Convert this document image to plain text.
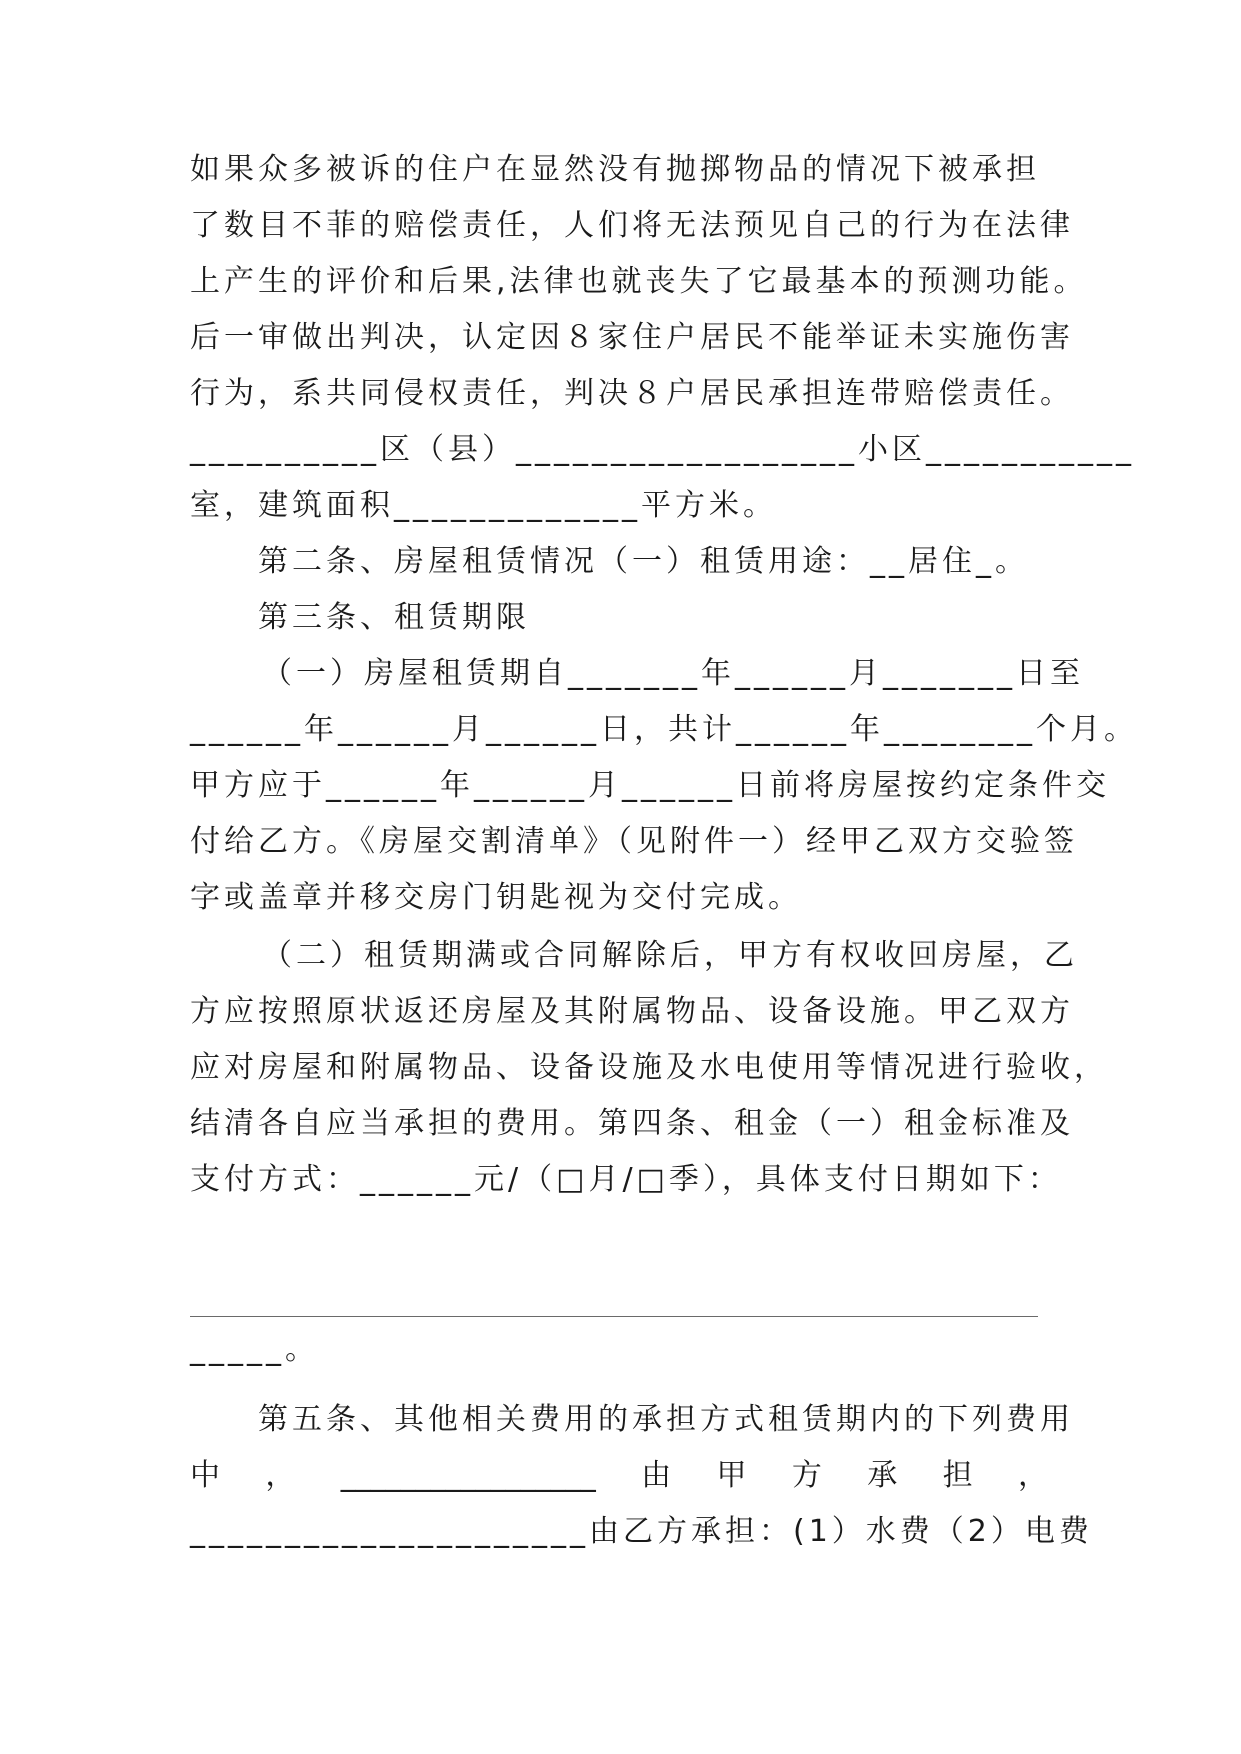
如果众多被诉的住户在显然没有抛掷物品的情况下被承担

了数目不菲的赔偿责任，人们将无法预见自己的行为在法律

上产生的评价和后果,法律也就丧失了它最基本的预测功能。

后一审做出判决，认定因８家住户居民不能举证未实施伤害

行为，系共同侵权责任，判决８户居民承担连带赔偿责任。

__________区（县）__________________小区___________

室，建筑面积_____________平方米。

第二条、房屋租赁情况（一）租赁用途：__居住_。

第三条、租赁期限

（一）房屋租赁期自_______年______月_______日至

______年______月______日，共计______年________个月。

甲方应于______年______月______日前将房屋按约定条件交

付给乙方。《房屋交割清单》（见附件一）经甲乙双方交验签

字或盖章并移交房门钥匙视为交付完成。

（二）租赁期满或合同解除后，甲方有权收回房屋，乙

方应按照原状返还房屋及其附属物品、设备设施。甲乙双方

应对房屋和附属物品、设备设施及水电使用等情况进行验收，

结清各自应当承担的费用。第四条、租金（一）租金标准及

支付方式：______元/（□月/□季），具体支付日期如下：

_____。

第五条、其他相关费用的承担方式租赁期内的下列费用

中 ， _________________ 由 甲 方 承 担 ，

_____________________由乙方承担：(1）水费（2）电费
